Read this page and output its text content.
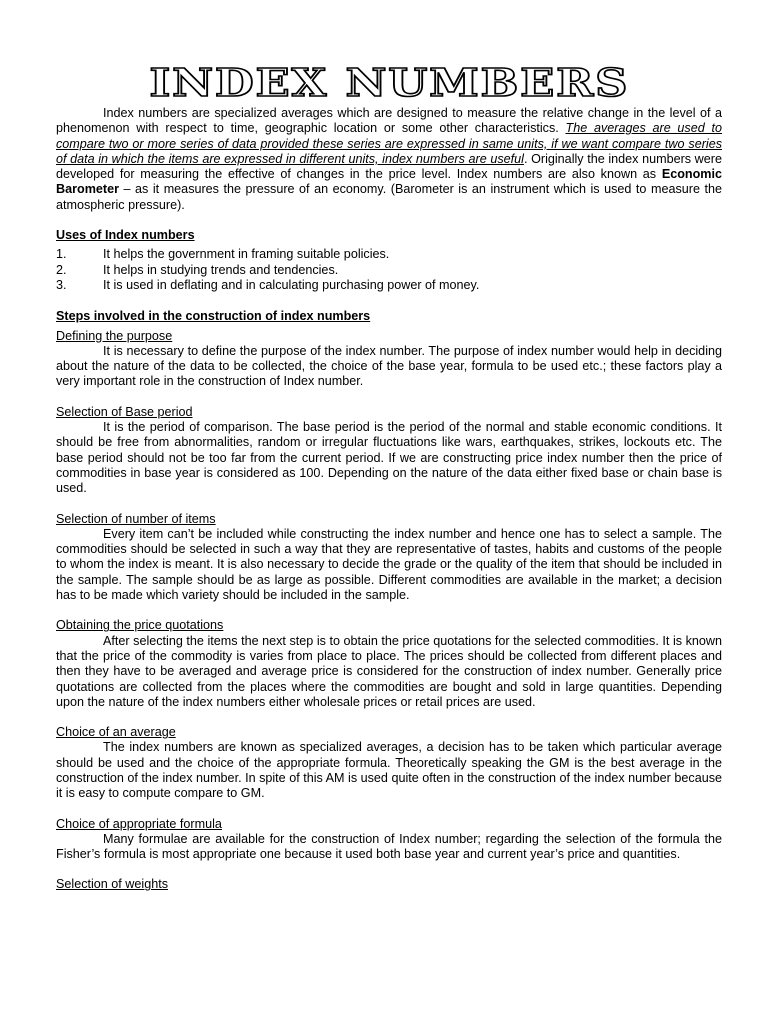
INDEX NUMBERS

Index numbers are specialized averages which are designed to measure the relative change in the level of a phenomenon with respect to time, geographic location or some other characteristics. The averages are used to compare two or more series of data provided these series are expressed in same units, if we want compare two series of data in which the items are expressed in different units, index numbers are useful. Originally the index numbers were developed for measuring the effective of changes in the price level. Index numbers are also known as Economic Barometer – as it measures the pressure of an economy. (Barometer is an instrument which is used to measure the atmospheric pressure).

Uses of Index numbers
1.	It helps the government in framing suitable policies.
2.	It helps in studying trends and tendencies.
3.	It is used in deflating and in calculating purchasing power of money.
Steps involved in the construction of index numbers
Defining the purpose

It is necessary to define the purpose of the index number. The purpose of index number would help in deciding about the nature of the data to be collected, the choice of the base year, formula to be used etc.; these factors play a very important role in the construction of Index number.

Selection of Base period

It is the period of comparison. The base period is the period of the normal and stable economic conditions. It should be free from abnormalities, random or irregular fluctuations like wars, earthquakes, strikes, lockouts etc. The base period should not be too far from the current period. If we are constructing price index number then the price of commodities in base year is considered as 100. Depending on the nature of the data either fixed base or chain base is used.

Selection of number of items

Every item can’t be included while constructing the index number and hence one has to select a sample. The commodities should be selected in such a way that they are representative of tastes, habits and customs of the people to whom the index is meant. It is also necessary to decide the grade or the quality of the item that should be included in the sample. The sample should be as large as possible. Different commodities are available in the market; a decision has to be made which variety should be included in the sample.

Obtaining the price quotations

After selecting the items the next step is to obtain the price quotations for the selected commodities. It is known that the price of the commodity is varies from place to place. The prices should be collected from different places and then they have to be averaged and average price is considered for the construction of index number. Generally price quotations are collected from the places where the commodities are bought and sold in large quantities. Depending upon the nature of the index numbers either wholesale prices or retail prices are used.

Choice of an average

The index numbers are known as specialized averages, a decision has to be taken which particular average should be used and the choice of the appropriate formula. Theoretically speaking the GM is the best average in the construction of the index number. In spite of this AM is used quite often in the construction of the index number because it is easy to compute compare to GM.

Choice of appropriate formula

Many formulae are available for the construction of Index number; regarding the selection of the formula the Fisher’s formula is most appropriate one because it used both base year and current year’s price and quantities.

Selection of weights
